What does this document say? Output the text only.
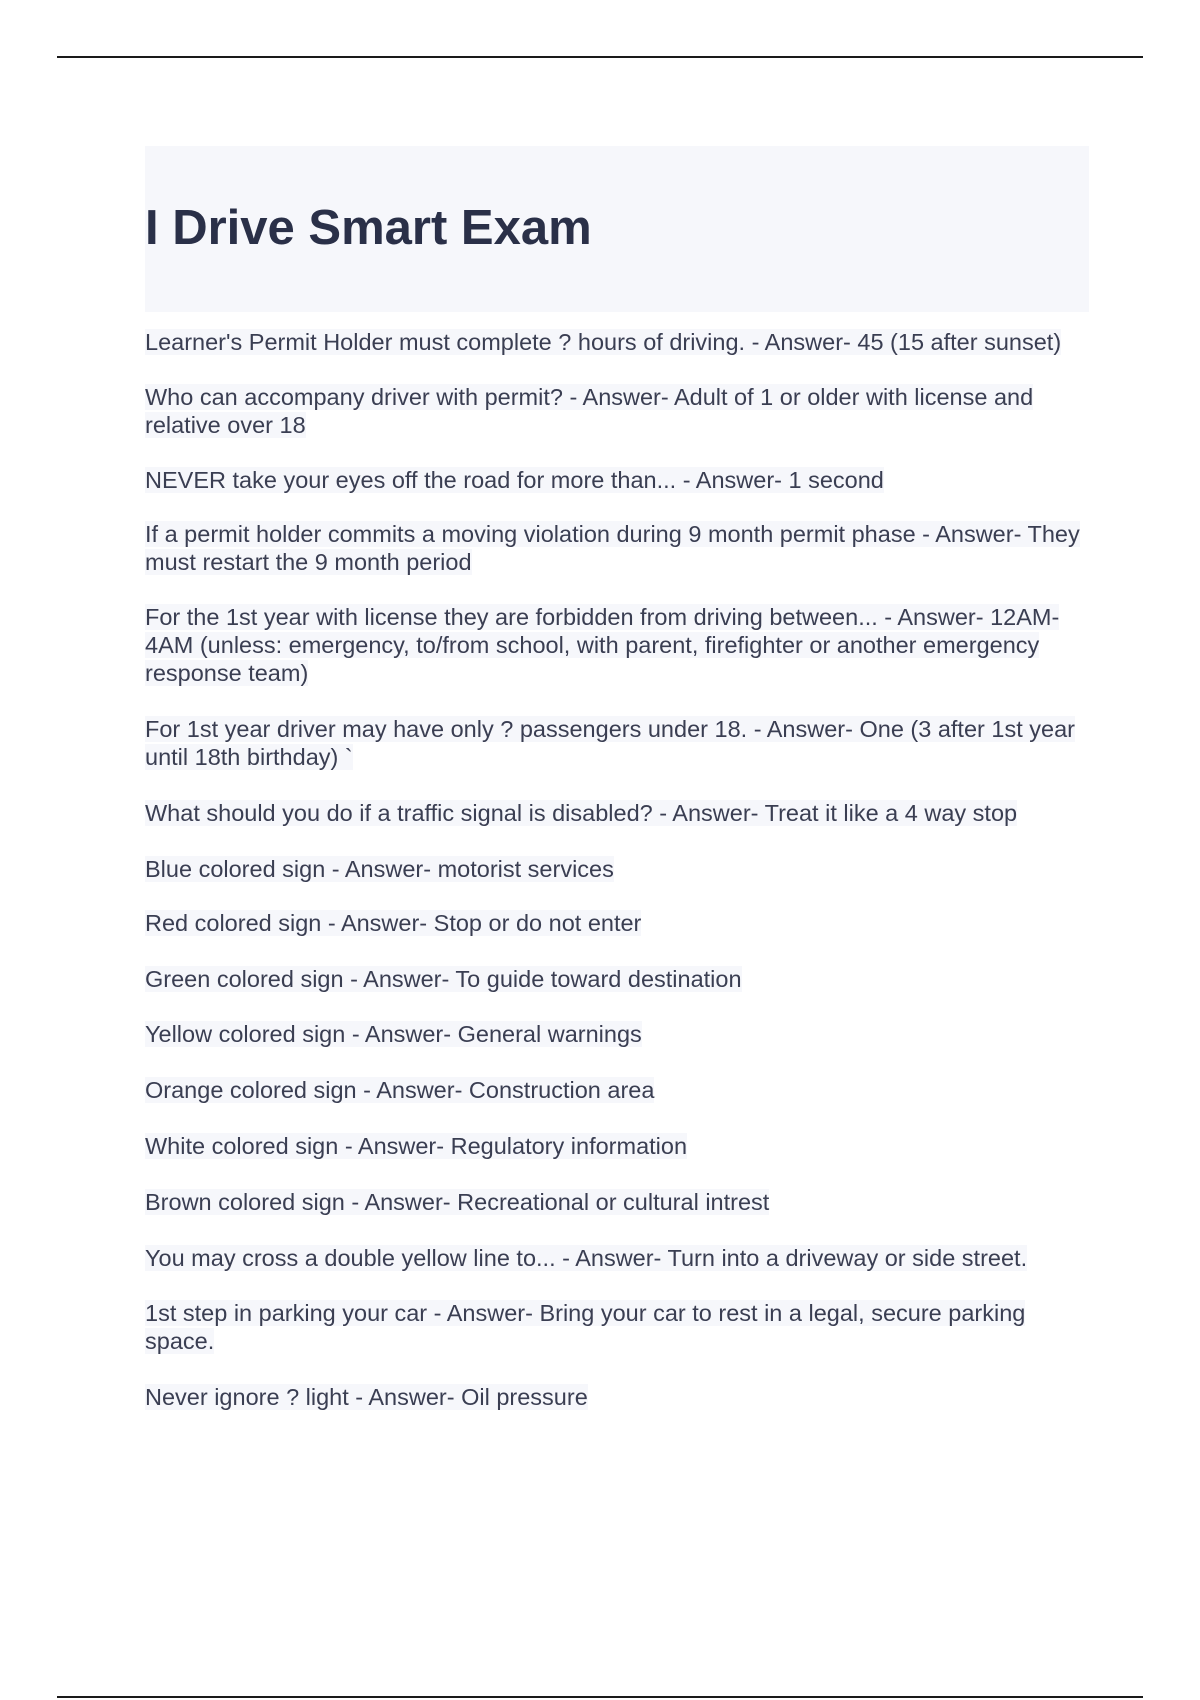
I Drive Smart Exam
Learner's Permit Holder must complete ? hours of driving. - Answer- 45 (15 after sunset)
Who can accompany driver with permit? - Answer- Adult of 1 or older with license and relative over 18
NEVER take your eyes off the road for more than... - Answer- 1 second
If a permit holder commits a moving violation during 9 month permit phase - Answer- They must restart the 9 month period
For the 1st year with license they are forbidden from driving between... - Answer- 12AM-4AM (unless: emergency, to/from school, with parent, firefighter or another emergency response team)
For 1st year driver may have only ? passengers under 18. - Answer- One (3 after 1st year until 18th birthday) `
What should you do if a traffic signal is disabled? - Answer- Treat it like a 4 way stop
Blue colored sign - Answer- motorist services
Red colored sign - Answer- Stop or do not enter
Green colored sign - Answer- To guide toward destination
Yellow colored sign - Answer- General warnings
Orange colored sign - Answer- Construction area
White colored sign - Answer- Regulatory information
Brown colored sign - Answer- Recreational or cultural intrest
You may cross a double yellow line to... - Answer- Turn into a driveway or side street.
1st step in parking your car - Answer- Bring your car to rest in a legal, secure parking space.
Never ignore ? light - Answer- Oil pressure
